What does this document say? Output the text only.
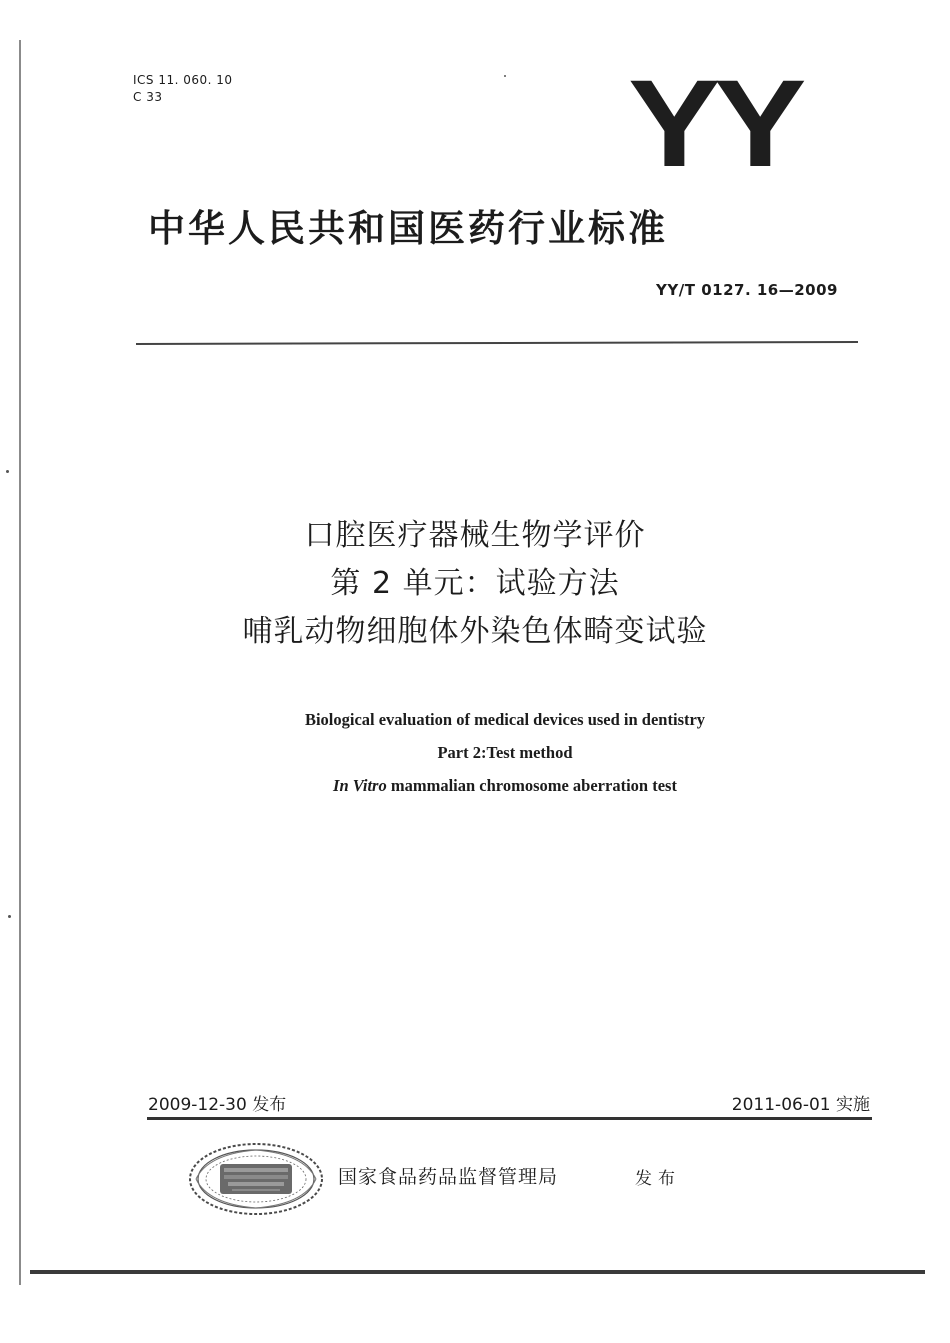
ICS 11. 060. 10
C 33	YY
中华人民共和国医药行业标准
YY/T 0127. 16—2009
口腔医疗器械生物学评价
第 2 单元：试验方法
哺乳动物细胞体外染色体畸变试验
Biological evaluation of medical devices used in dentistry
Part 2:Test method
In Vitro mammalian chromosome aberration test
2009-12-30 发布	2011-06-01 实施
国家食品药品监督管理局	发布
